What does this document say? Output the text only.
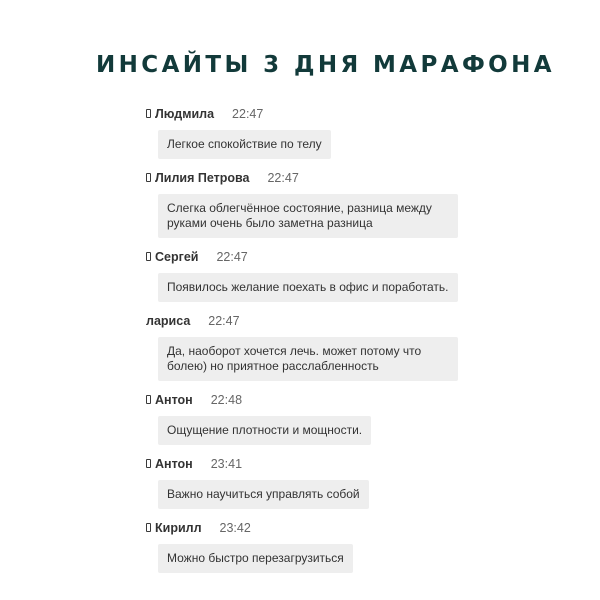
ИНСАЙТЫ 3 ДНЯ МАРАФОНА
Людмила 22:47
Легкое спокойствие по телу
Лилия Петрова 22:47
Слегка облегчённое состояние, разница между руками очень было заметна разница
Сергей 22:47
Появилось желание поехать в офис и поработать.
лариса 22:47
Да, наоборот хочется лечь. может потому что болею) но приятное расслабленность
Антон 22:48
Ощущение плотности и мощности.
Антон 23:41
Важно научиться управлять собой
Кирилл 23:42
Можно быстро перезагрузиться
